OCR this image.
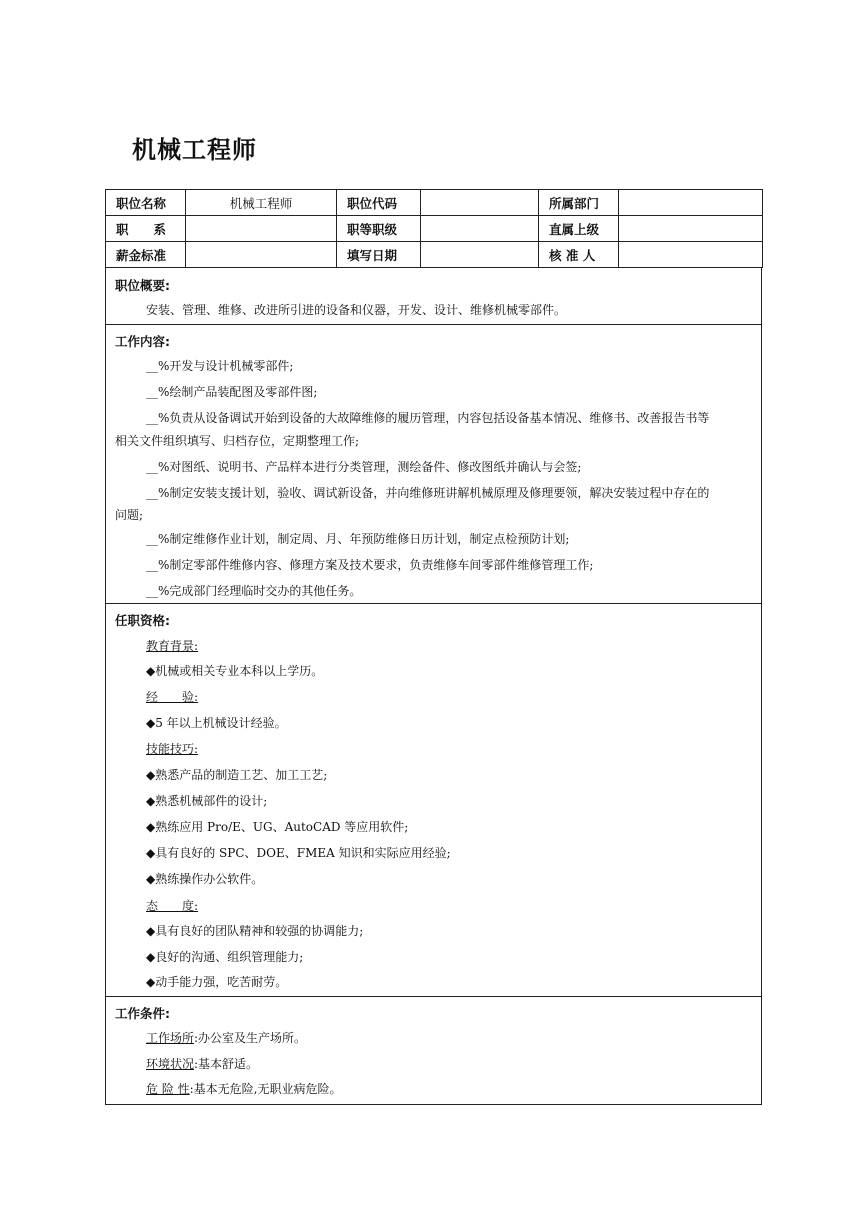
机械工程师
职位名称	机械工程师	职位代码		所属部门	
职　　系		职等职级		直属上级	
薪金标准		填写日期		核 准 人	
职位概要:
安装、管理、维修、改进所引进的设备和仪器，开发、设计、维修机械零部件。
工作内容:
__%开发与设计机械零部件;
__%绘制产品装配图及零部件图;
__%负责从设备调试开始到设备的大故障维修的履历管理，内容包括设备基本情况、维修书、改善报告书等
相关文件组织填写、归档存位，定期整理工作;
__%对图纸、说明书、产品样本进行分类管理，测绘备件、修改图纸并确认与会签;
__%制定安装支援计划，验收、调试新设备，并向维修班讲解机械原理及修理要领，解决安装过程中存在的
问题;
__%制定维修作业计划，制定周、月、年预防维修日历计划，制定点检预防计划;
__%制定零部件维修内容、修理方案及技术要求，负责维修车间零部件维修管理工作;
__%完成部门经理临时交办的其他任务。
任职资格:
教育背景:
◆机械或相关专业本科以上学历。
经　　验:
◆5 年以上机械设计经验。
技能技巧:
◆熟悉产品的制造工艺、加工工艺;
◆熟悉机械部件的设计;
◆熟练应用 Pro/E、UG、AutoCAD 等应用软件;
◆具有良好的 SPC、DOE、FMEA 知识和实际应用经验;
◆熟练操作办公软件。
态　　度:
◆具有良好的团队精神和较强的协调能力;
◆良好的沟通、组织管理能力;
◆动手能力强，吃苦耐劳。
工作条件:
工作场所:办公室及生产场所。
环境状况:基本舒适。
危 险 性:基本无危险,无职业病危险。
